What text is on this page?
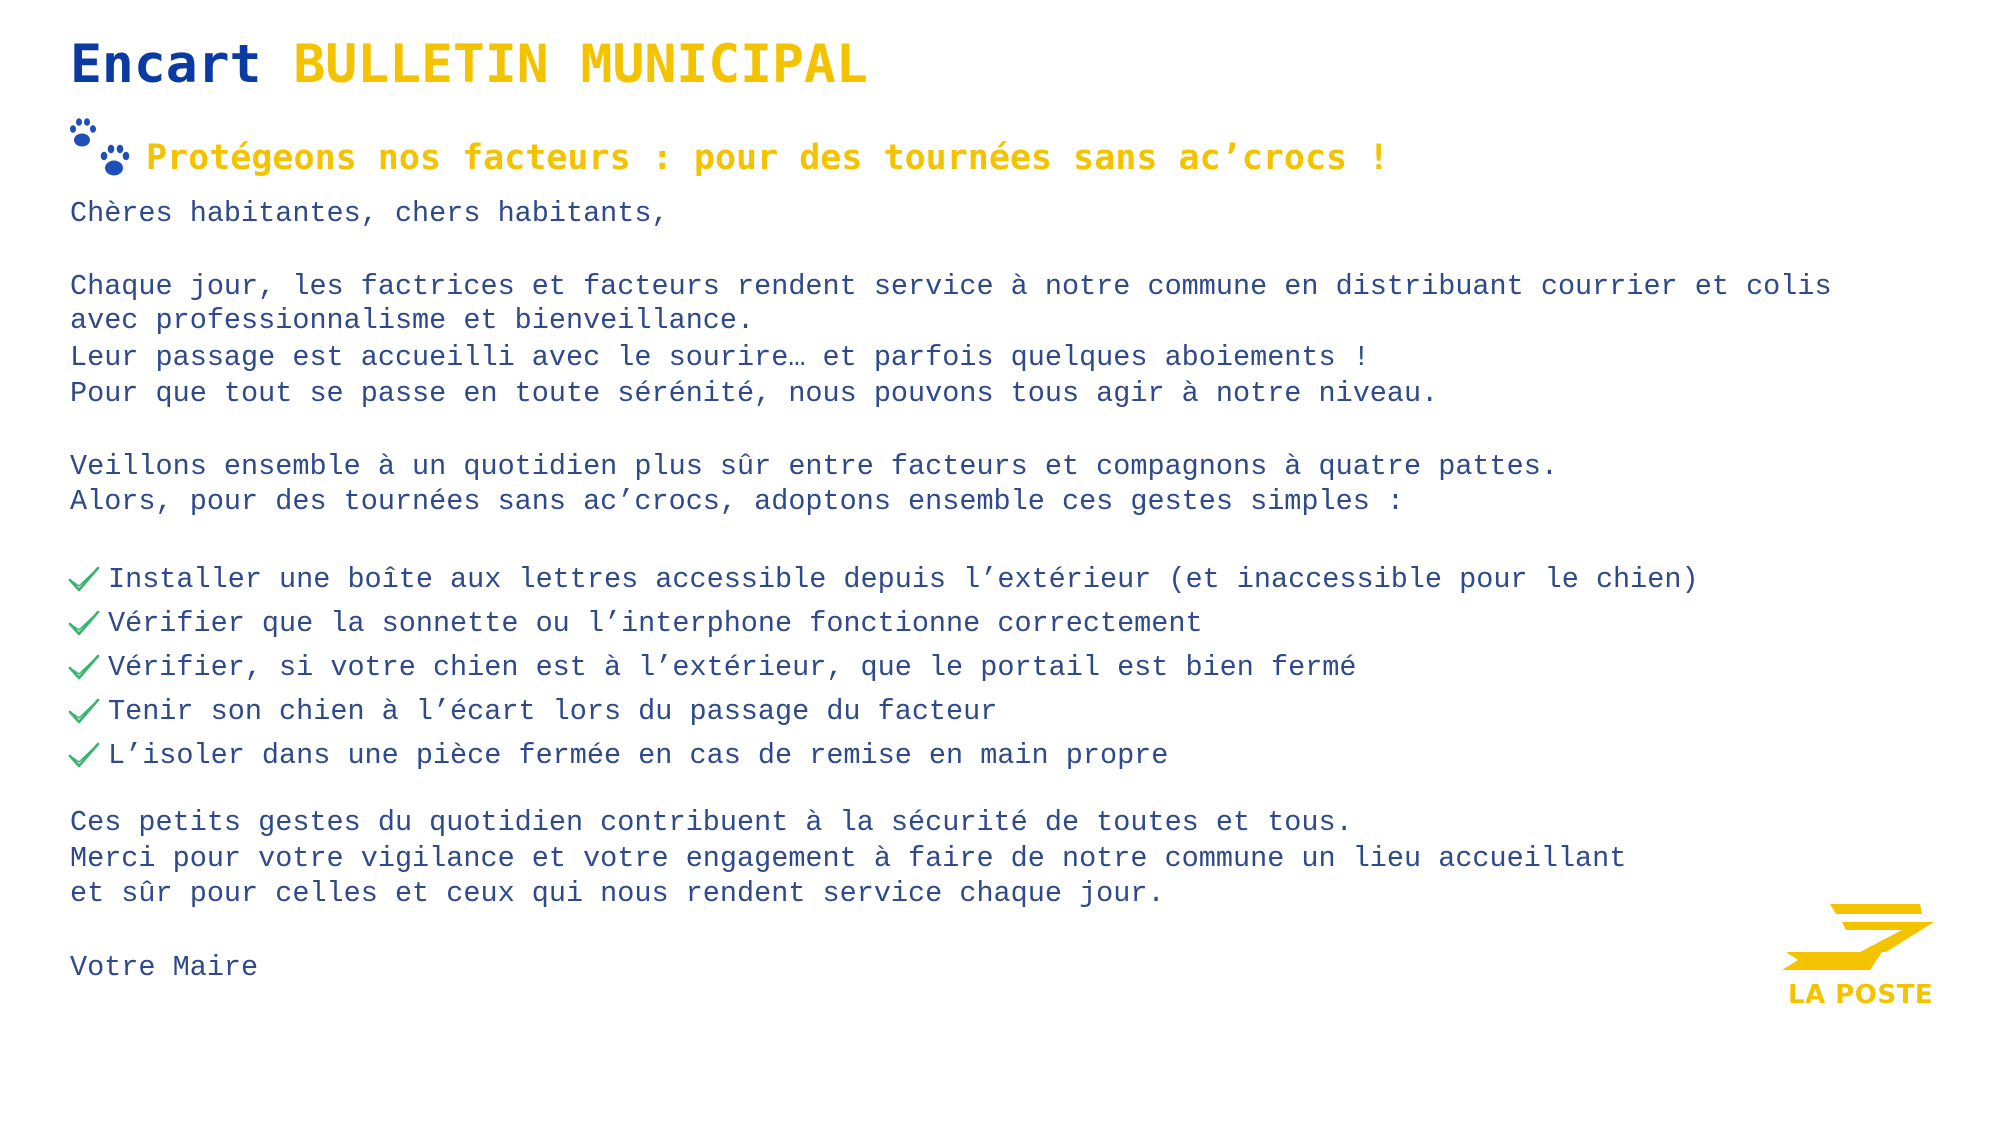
Encart BULLETIN MUNICIPAL
Protégeons nos facteurs : pour des tournées sans ac’crocs !

Chères habitantes, chers habitants,

Chaque jour, les factrices et facteurs rendent service à notre commune en distribuant courrier et colis

avec professionnalisme et bienveillance.

Leur passage est accueilli avec le sourire… et parfois quelques aboiements !

Pour que tout se passe en toute sérénité, nous pouvons tous agir à notre niveau.

Veillons ensemble à un quotidien plus sûr entre facteurs et compagnons à quatre pattes.

Alors, pour des tournées sans ac’crocs, adoptons ensemble ces gestes simples :

Installer une boîte aux lettres accessible depuis l’extérieur (et inaccessible pour le chien)
Vérifier que la sonnette ou l’interphone fonctionne correctement
Vérifier, si votre chien est à l’extérieur, que le portail est bien fermé
Tenir son chien à l’écart lors du passage du facteur
L’isoler dans une pièce fermée en cas de remise en main propre

Ces petits gestes du quotidien contribuent à la sécurité de toutes et tous.

Merci pour votre vigilance et votre engagement à faire de notre commune un lieu accueillant

et sûr pour celles et ceux qui nous rendent service chaque jour.

Votre Maire

LA POSTE
